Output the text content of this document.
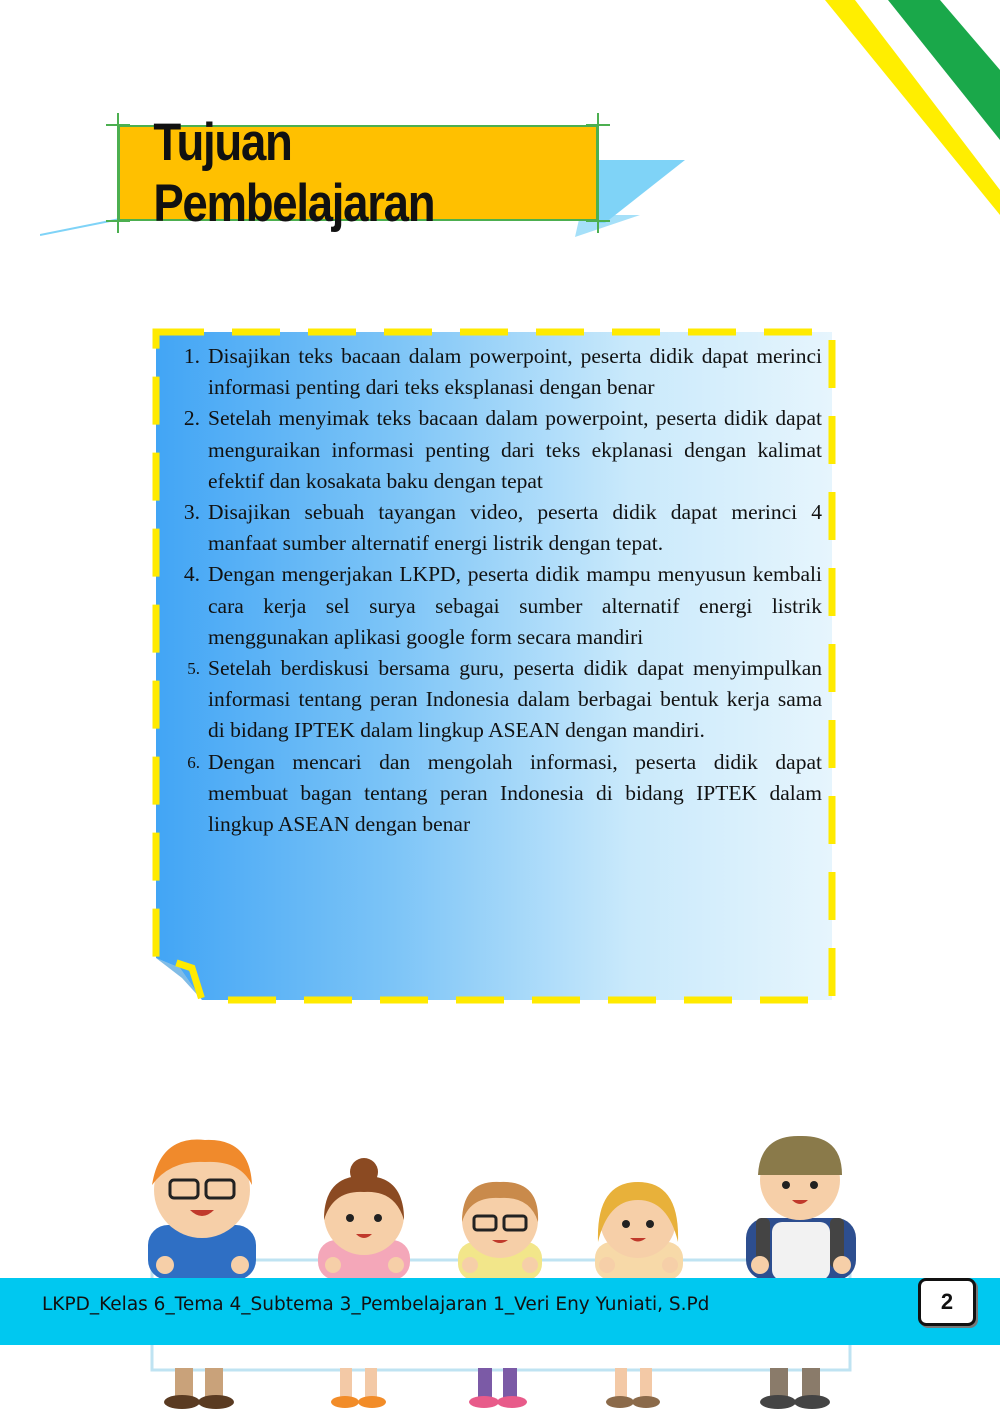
Tujuan Pembelajaran
1. Disajikan teks bacaan dalam powerpoint, peserta didik dapat merinci informasi penting dari teks eksplanasi dengan benar
2. Setelah menyimak teks bacaan dalam powerpoint, peserta didik dapat menguraikan informasi penting dari teks ekplanasi dengan kalimat efektif dan kosakata baku dengan tepat
3. Disajikan sebuah tayangan video, peserta didik dapat merinci 4 manfaat sumber alternatif energi listrik dengan tepat.
4. Dengan mengerjakan LKPD, peserta didik mampu menyusun kembali cara kerja sel surya sebagai sumber alternatif energi listrik menggunakan aplikasi google form secara mandiri
5. Setelah berdiskusi bersama guru, peserta didik dapat menyimpulkan informasi tentang peran Indonesia dalam berbagai bentuk kerja sama di bidang IPTEK dalam lingkup ASEAN dengan mandiri.
6. Dengan mencari dan mengolah informasi, peserta didik dapat membuat bagan tentang peran Indonesia di bidang IPTEK dalam lingkup ASEAN dengan benar
LKPD_Kelas 6_Tema 4_Subtema 3_Pembelajaran 1_Veri Eny Yuniati, S.Pd	2
